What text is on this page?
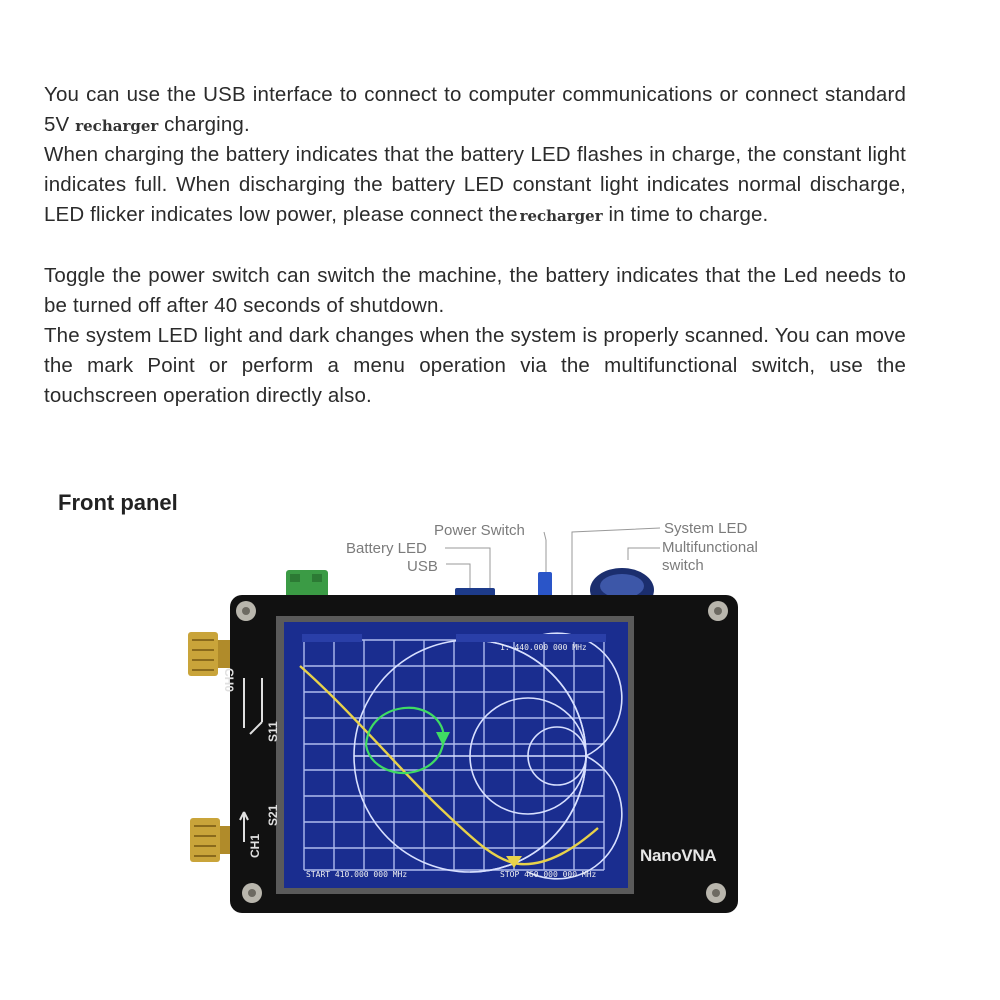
You can use the USB interface to connect to computer communications or connect standard 5V recharger charging.

When charging the battery indicates that the battery LED flashes in charge, the constant light indicates full. When discharging the battery LED constant light indicates normal discharge, LED flicker indicates low power, please connect the recharger in time to charge.

Toggle the power switch can switch the machine, the battery indicates that the Led needs to be turned off after 40 seconds of shutdown.

The system LED light and dark changes when the system is properly scanned. You can move the mark Point or perform a menu operation via the multifunctional switch, use the touchscreen operation directly also.

Front panel
Power Switch
Battery LED
USB
System LED
Multifunctional
switch
START 410.000 000 MHz	STOP 460.000 000 MHz
1: 440.000 000 MHz
NanoVNA
CH0
S11
S21
CH1
